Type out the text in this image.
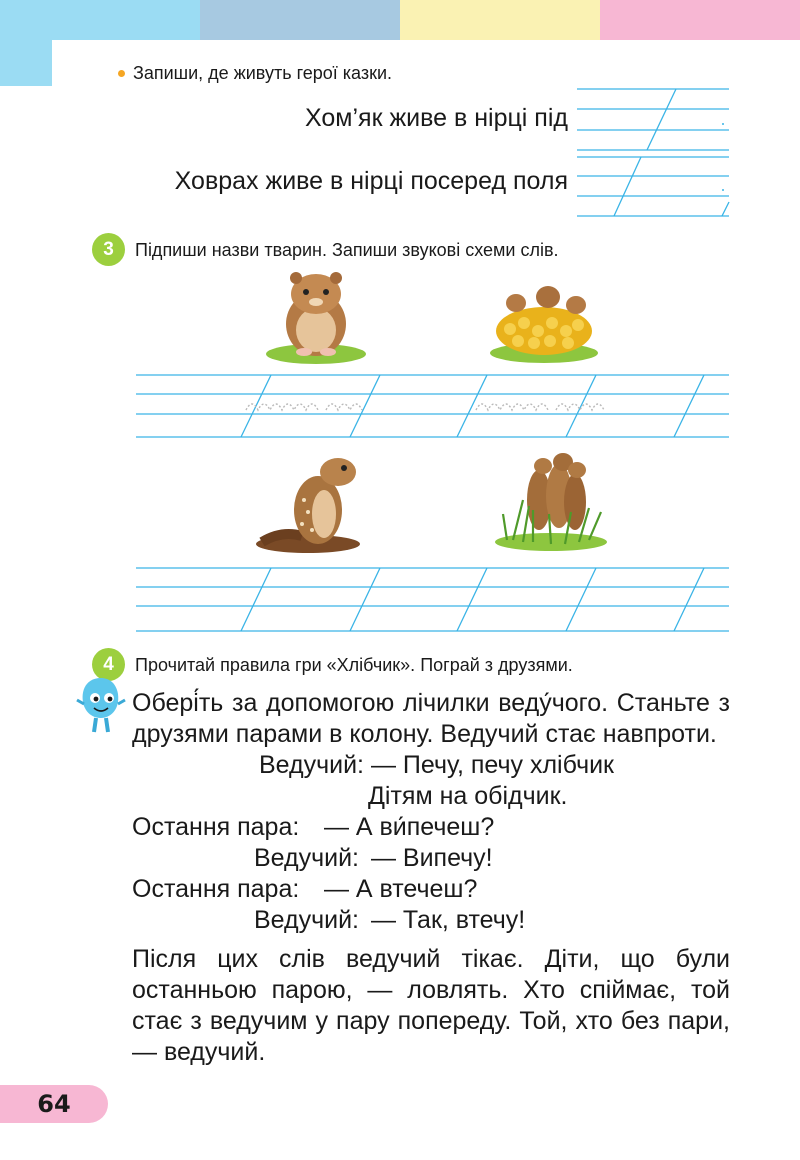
Запиши, де живуть герої казки.
Хом’як живе в нірці під
Ховрах живе в нірці посеред поля
3	Підпиши назви тварин. Запиши звукові схеми слів.
4	Прочитай правила гри «Хлібчик». Пограй з друзями.
Обері́ть за допомогою лічилки веду́чого. Станьте з друзями парами в колону. Ведучий стає навпроти.
Ведучий: — Печу, печу хлібчик
Дітям на обідчик.
Остання пара: — А ви́печеш?
Ведучий: — Випечу!
Остання пара: — А втечеш?
Ведучий: — Так, втечу!
Після цих слів ведучий тікає. Діти, що були останньою парою, — ловлять. Хто спіймає, той стає з ведучим у пару попереду. Той, хто без пари, — ведучий.
64
